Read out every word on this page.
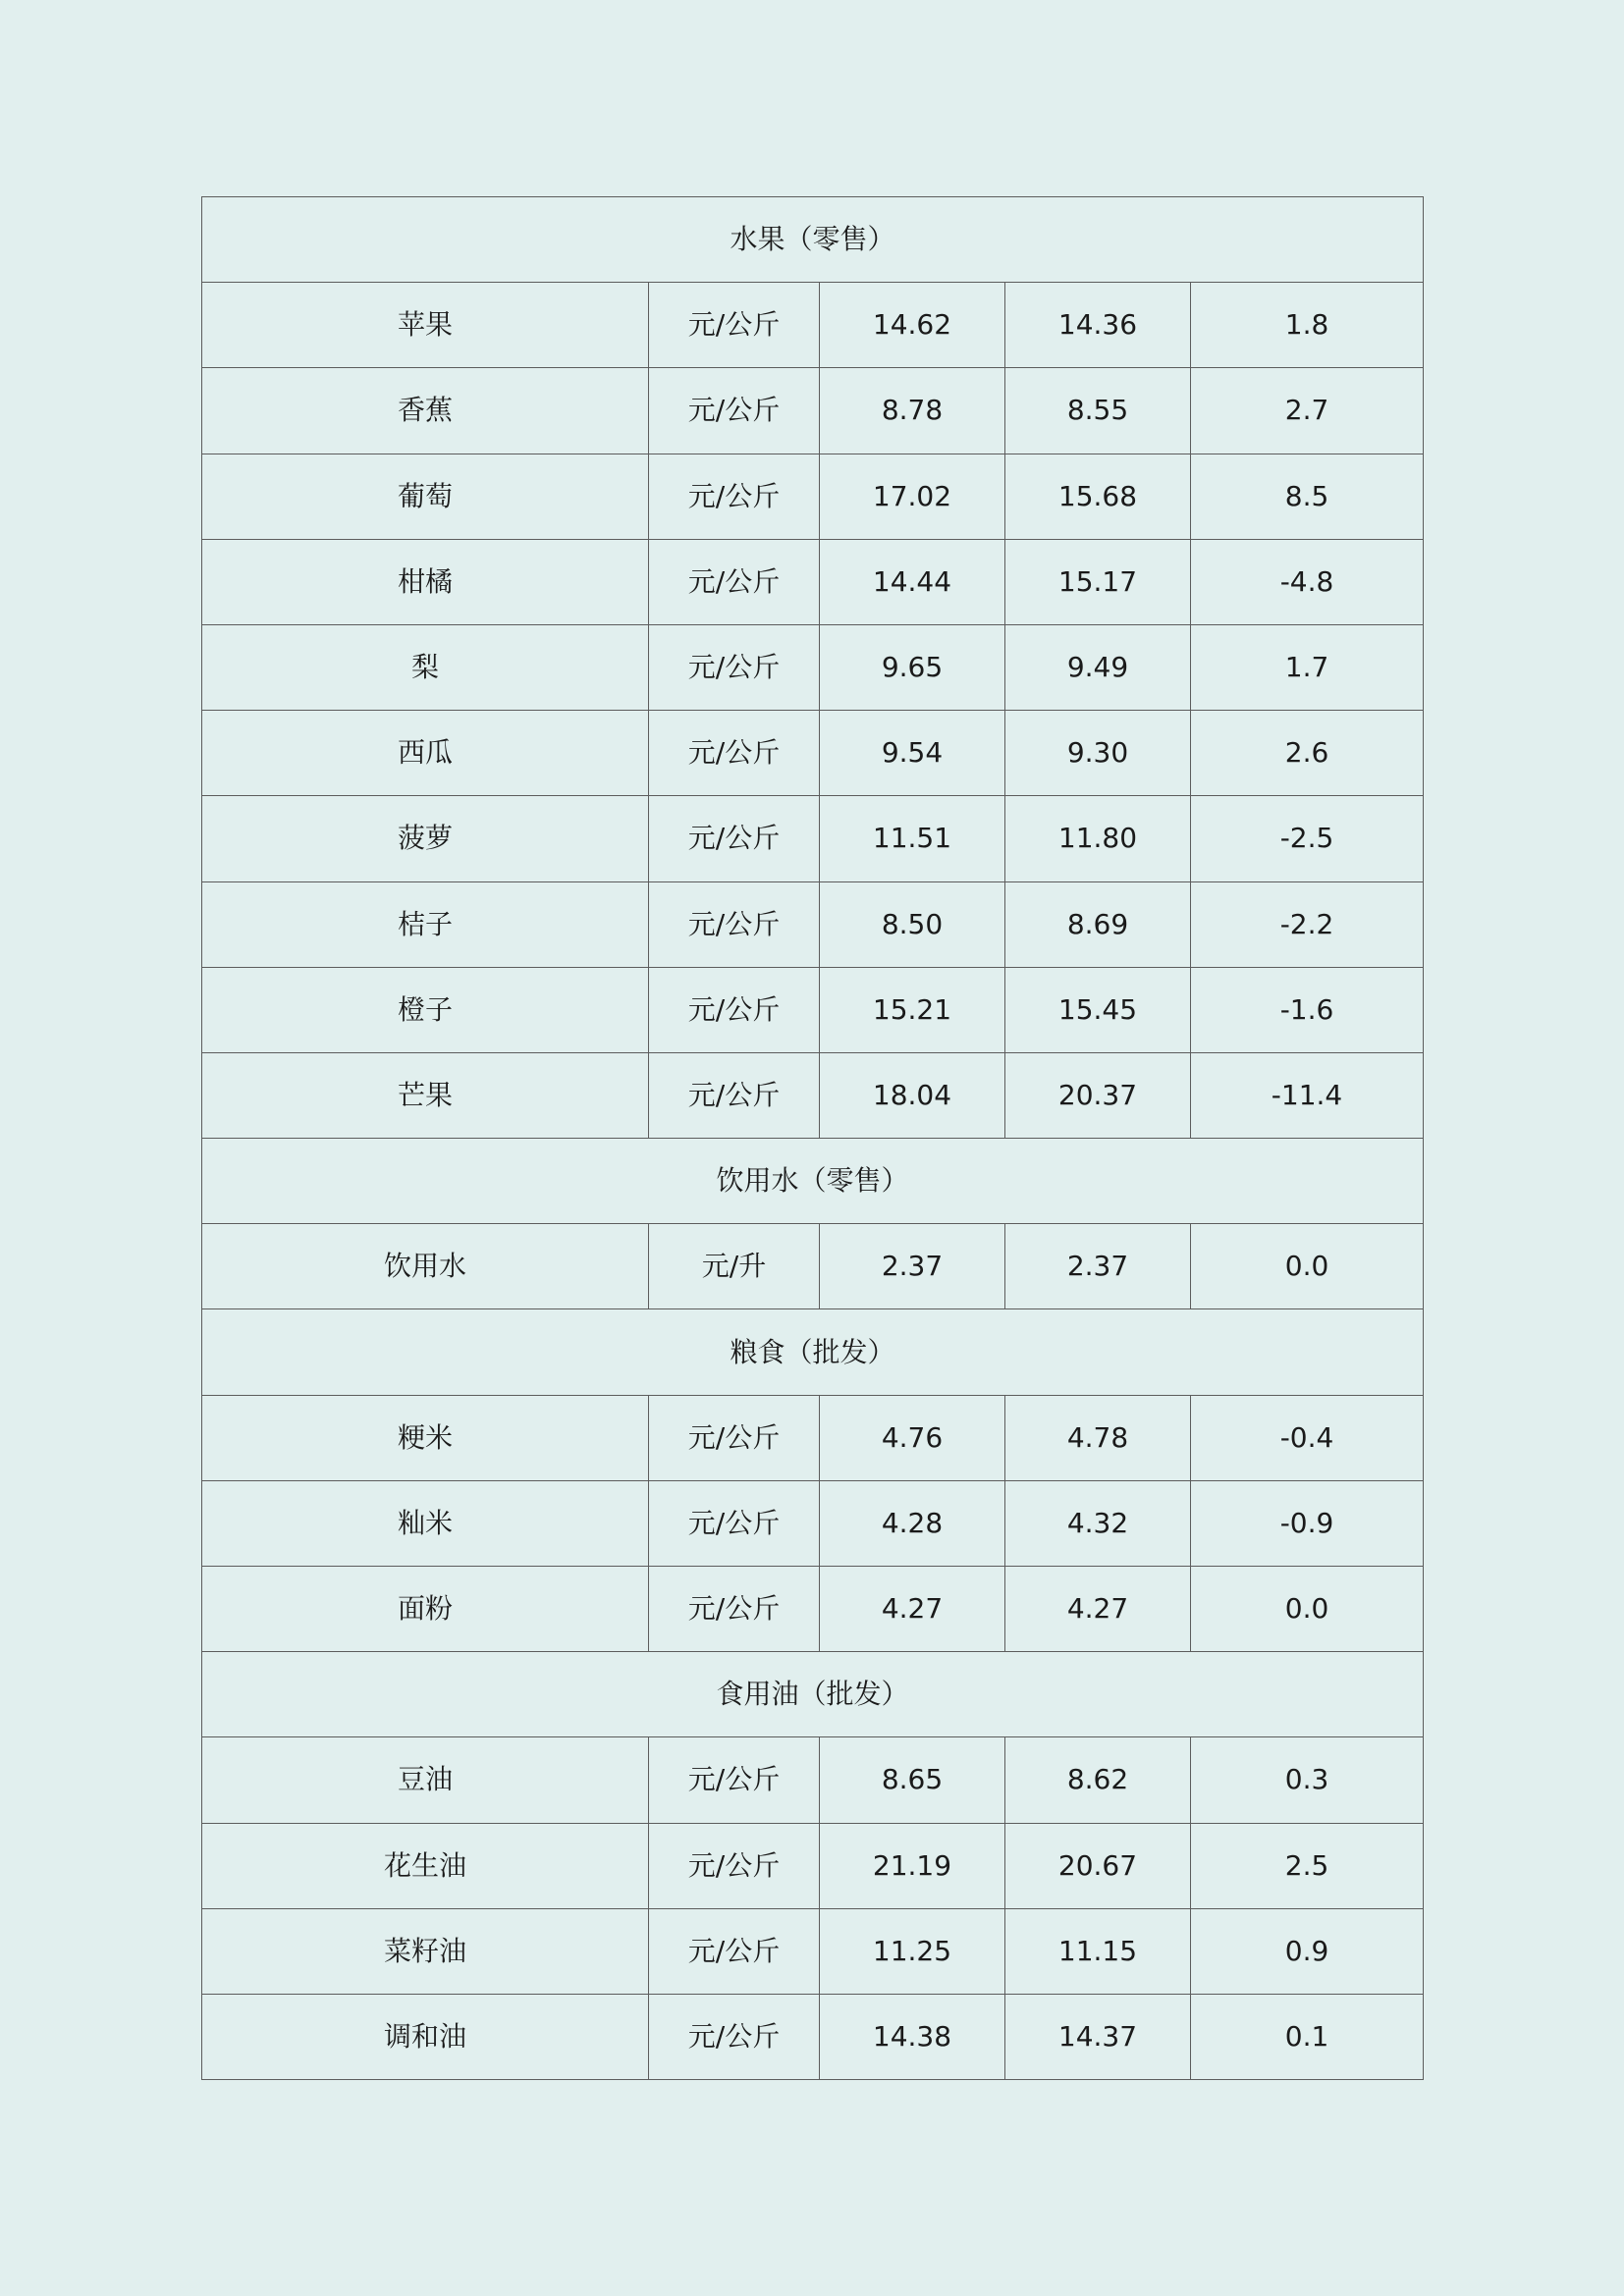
水果（零售）				
苹果	元/公斤	14.62	14.36	1.8
香蕉	元/公斤	8.78	8.55	2.7
葡萄	元/公斤	17.02	15.68	8.5
柑橘	元/公斤	14.44	15.17	-4.8
梨	元/公斤	9.65	9.49	1.7
西瓜	元/公斤	9.54	9.30	2.6
菠萝	元/公斤	11.51	11.80	-2.5
桔子	元/公斤	8.50	8.69	-2.2
橙子	元/公斤	15.21	15.45	-1.6
芒果	元/公斤	18.04	20.37	-11.4
饮用水（零售）				
饮用水	元/升	2.37	2.37	0.0
粮食（批发）				
粳米	元/公斤	4.76	4.78	-0.4
籼米	元/公斤	4.28	4.32	-0.9
面粉	元/公斤	4.27	4.27	0.0
食用油（批发）				
豆油	元/公斤	8.65	8.62	0.3
花生油	元/公斤	21.19	20.67	2.5
菜籽油	元/公斤	11.25	11.15	0.9
调和油	元/公斤	14.38	14.37	0.1
